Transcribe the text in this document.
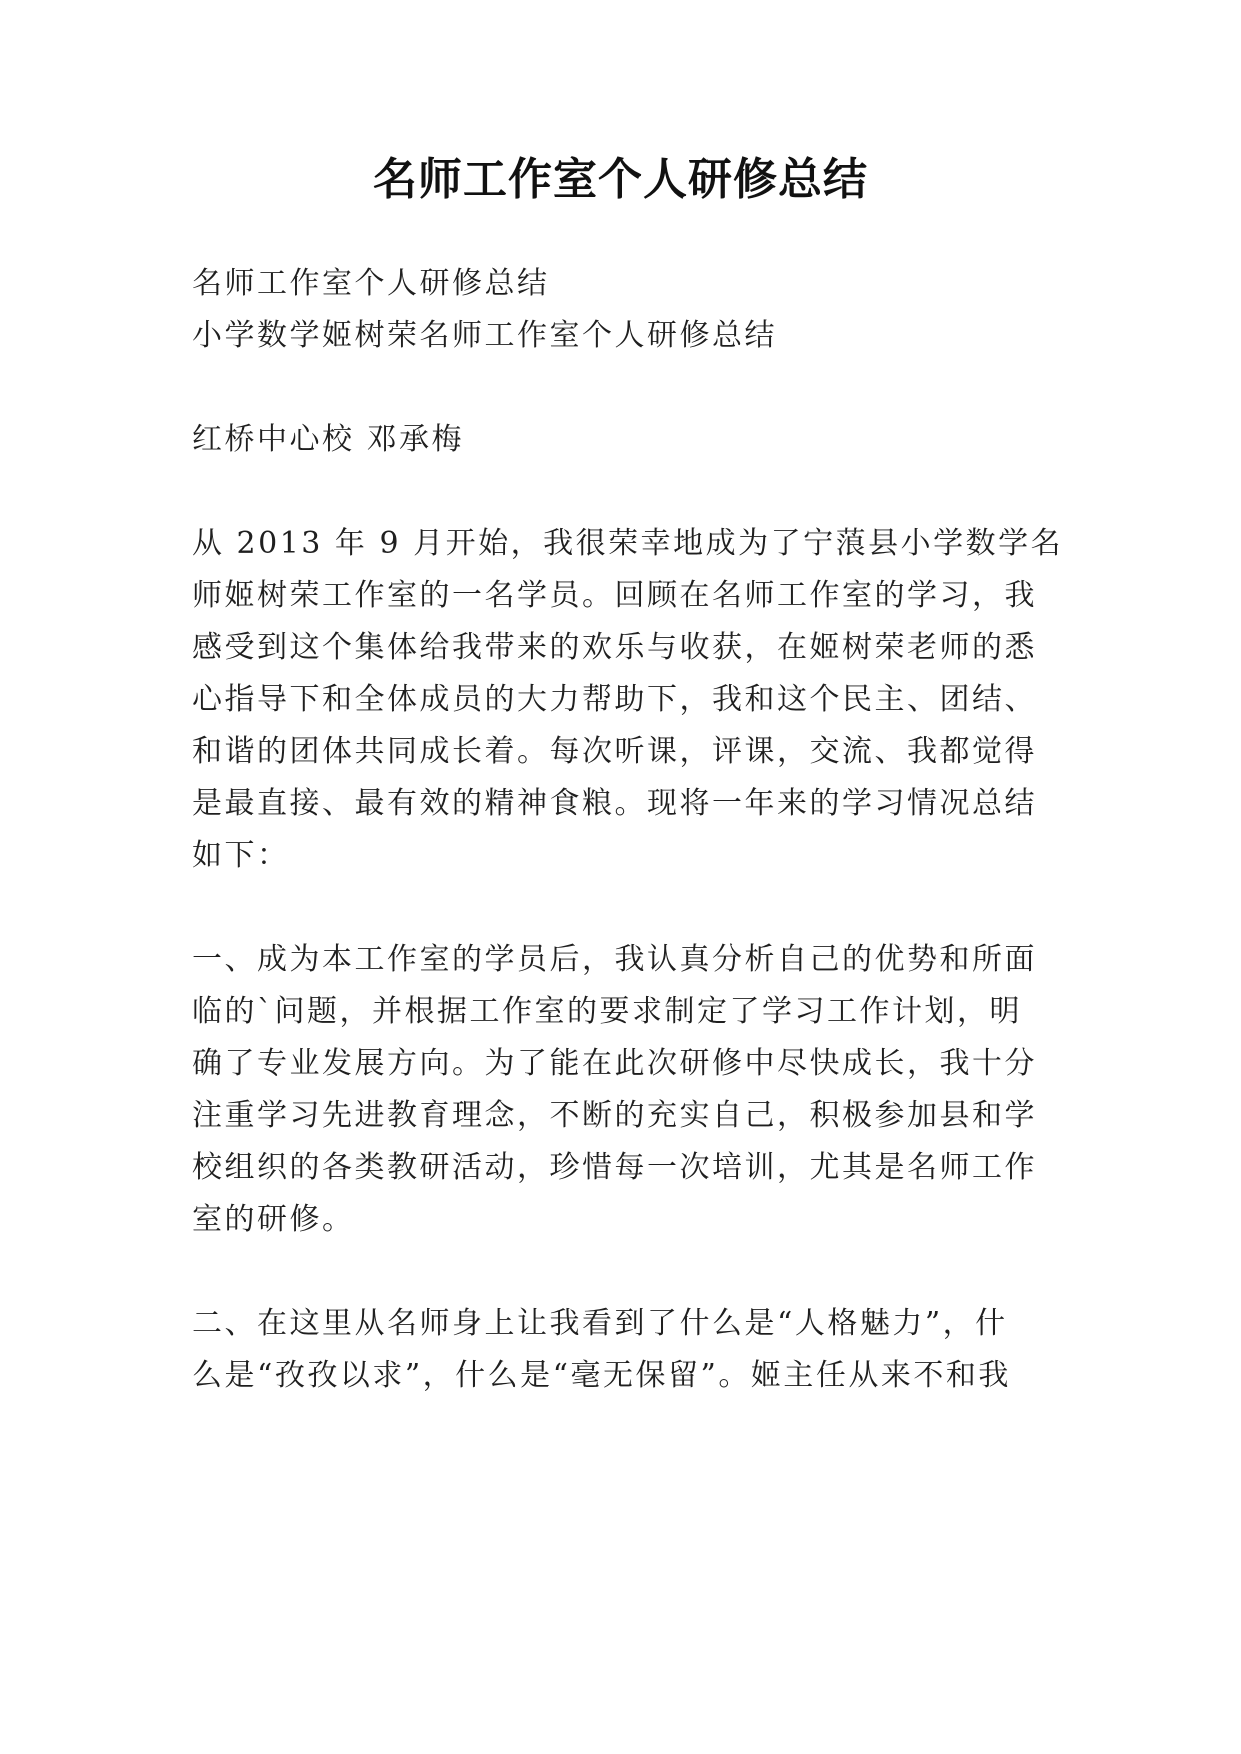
名师工作室个人研修总结
名师工作室个人研修总结
小学数学姬树荣名师工作室个人研修总结
红桥中心校 邓承梅
从 2013 年 9 月开始，我很荣幸地成为了宁蒗县小学数学名
师姬树荣工作室的一名学员。回顾在名师工作室的学习，我
感受到这个集体给我带来的欢乐与收获，在姬树荣老师的悉
心指导下和全体成员的大力帮助下，我和这个民主、团结、
和谐的团体共同成长着。每次听课，评课，交流、我都觉得
是最直接、最有效的精神食粮。现将一年来的学习情况总结
如下：
一、成为本工作室的学员后，我认真分析自己的优势和所面
临的`问题，并根据工作室的要求制定了学习工作计划，明
确了专业发展方向。为了能在此次研修中尽快成长，我十分
注重学习先进教育理念，不断的充实自己，积极参加县和学
校组织的各类教研活动，珍惜每一次培训，尤其是名师工作
室的研修。
二、在这里从名师身上让我看到了什么是“人格魅力”，什
么是“孜孜以求”，什么是“毫无保留”。姬主任从来不和我
